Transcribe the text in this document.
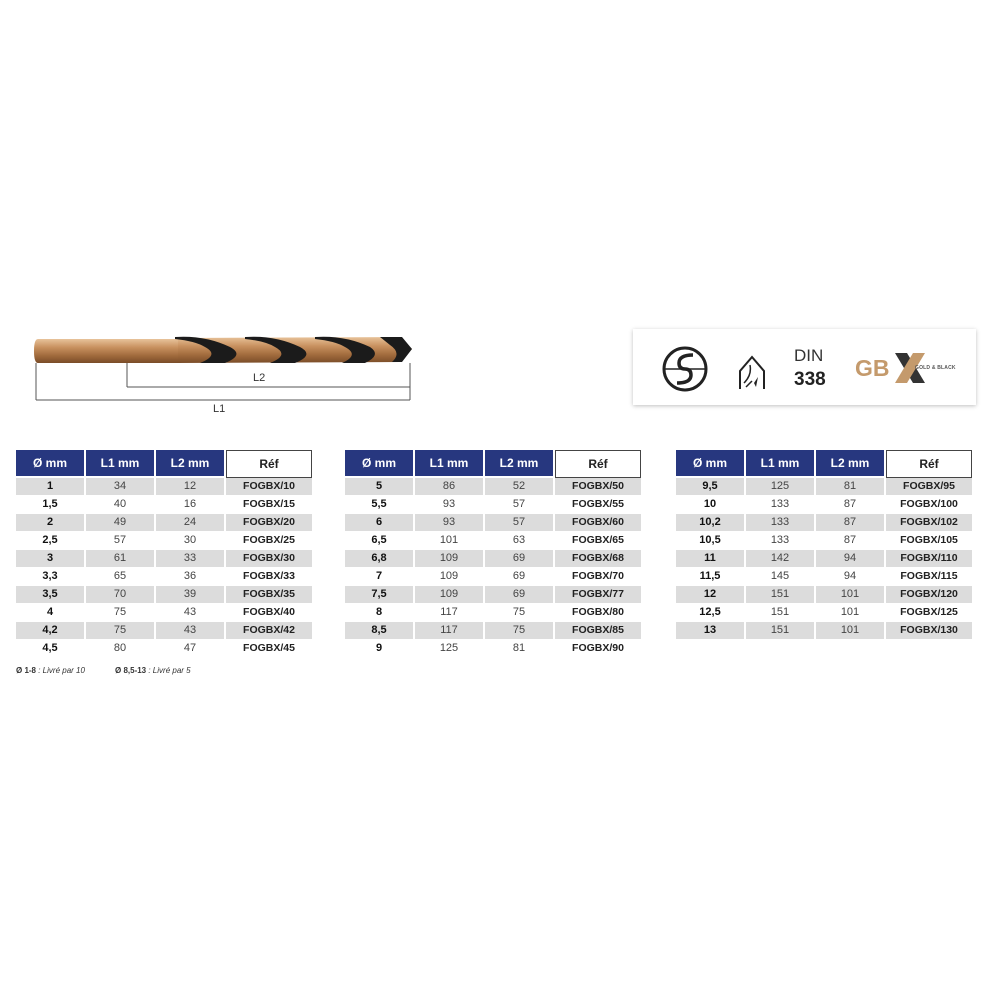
L2
L1
DIN
338 GB	GOLD & BLACK
Ø mm	L1 mm	L2 mm	Réf
1	34	12	FOGBX/10
1,5	40	16	FOGBX/15
2	49	24	FOGBX/20
2,5	57	30	FOGBX/25
3	61	33	FOGBX/30
3,3	65	36	FOGBX/33
3,5	70	39	FOGBX/35
4	75	43	FOGBX/40
4,2	75	43	FOGBX/42
4,5	80	47	FOGBX/45
Ø mm	L1 mm	L2 mm	Réf
5	86	52	FOGBX/50
5,5	93	57	FOGBX/55
6	93	57	FOGBX/60
6,5	101	63	FOGBX/65
6,8	109	69	FOGBX/68
7	109	69	FOGBX/70
7,5	109	69	FOGBX/77
8	117	75	FOGBX/80
8,5	117	75	FOGBX/85
9	125	81	FOGBX/90
Ø mm	L1 mm	L2 mm	Réf
9,5	125	81	FOGBX/95
10	133	87	FOGBX/100
10,2	133	87	FOGBX/102
10,5	133	87	FOGBX/105
11	142	94	FOGBX/110
11,5	145	94	FOGBX/115
12	151	101	FOGBX/120
12,5	151	101	FOGBX/125
13	151	101	FOGBX/130
Ø 1-8 : Livré par 10	Ø 8,5-13 : Livré par 5
